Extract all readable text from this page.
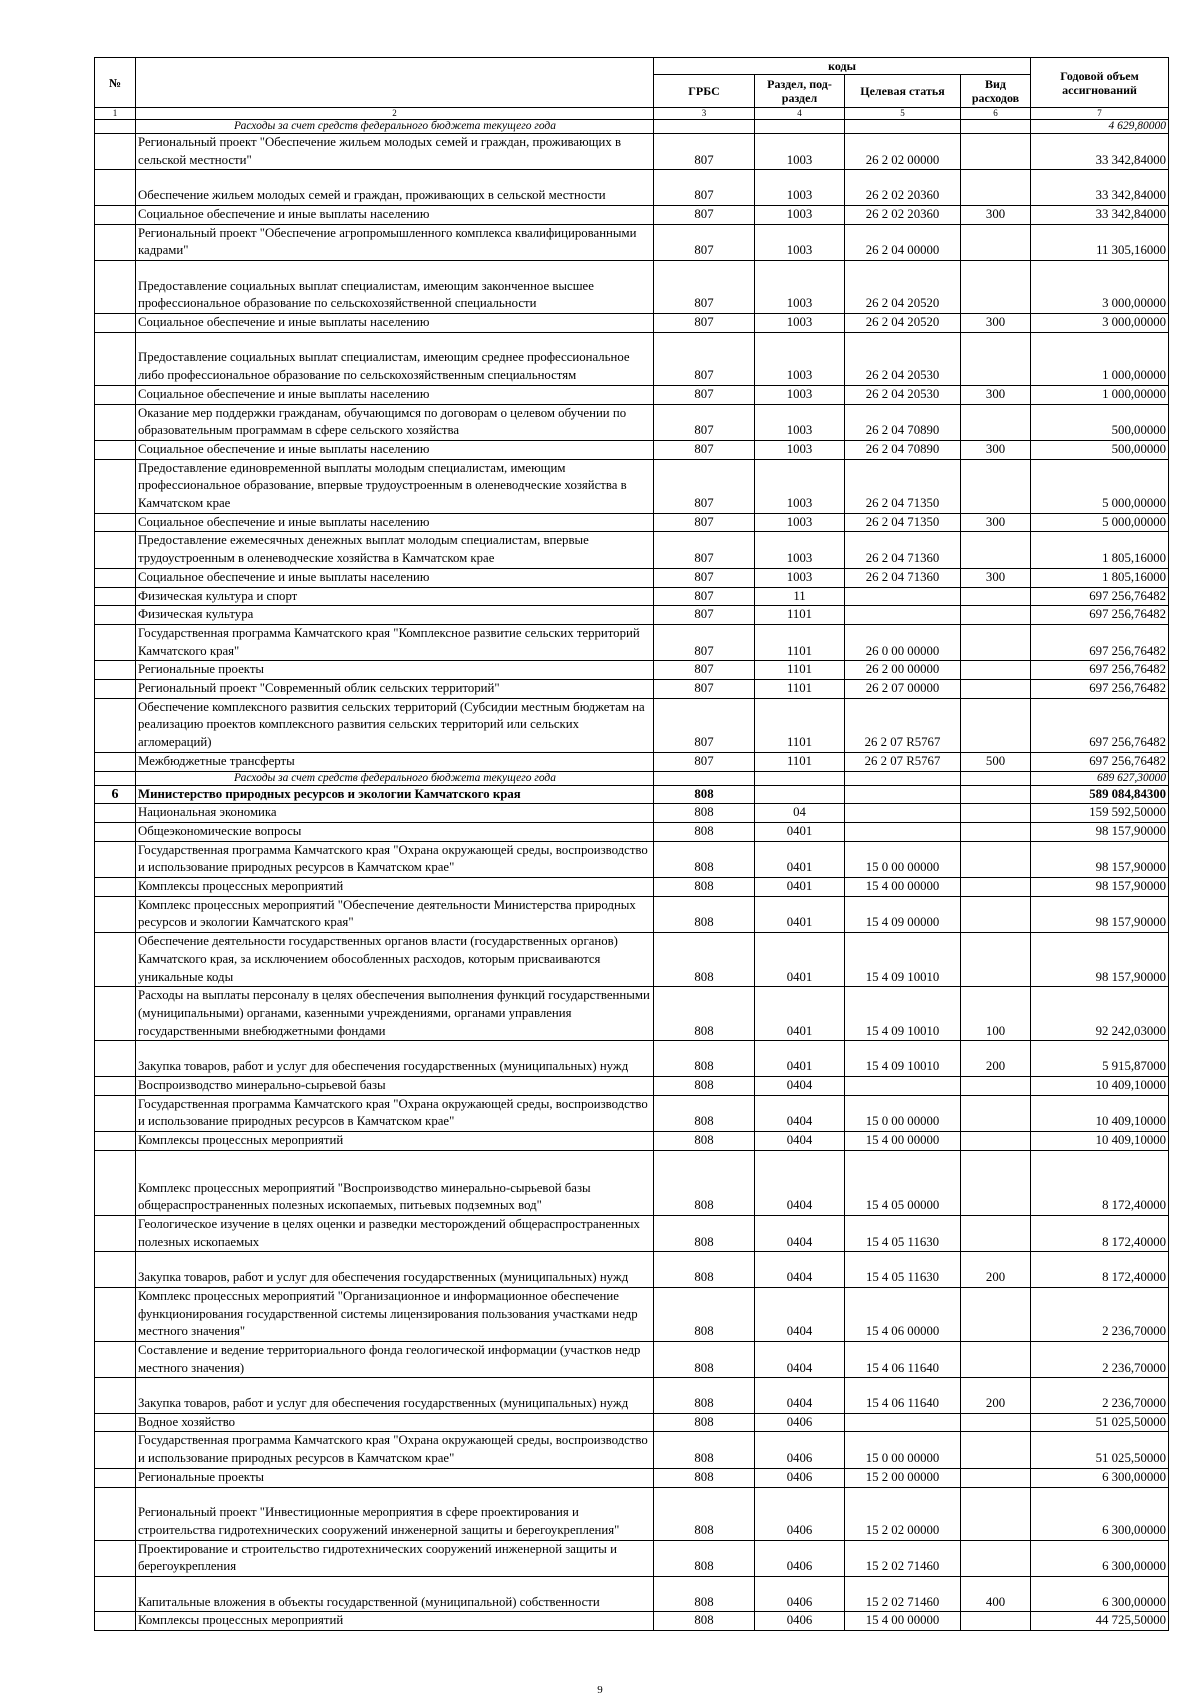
№		коды				Годовой объем ассигнований
		ГРБС	Раздел, под-раздел	Целевая статья	Вид расходов	
1	2	3	4	5	6	7
	Расходы за счет средств федерального бюджета текущего года					4 629,80000
	Региональный проект "Обеспечение жильем молодых семей и граждан, проживающих в сельской местности"	807	1003	26 2 02 00000		33 342,84000
	Обеспечение жильем молодых семей и граждан, проживающих в сельской местности	807	1003	26 2 02 20360		33 342,84000
	Социальное обеспечение и иные выплаты населению	807	1003	26 2 02 20360	300	33 342,84000
	Региональный проект "Обеспечение агропромышленного комплекса квалифицированными кадрами"	807	1003	26 2 04 00000		11 305,16000
	Предоставление социальных выплат специалистам, имеющим законченное высшее профессиональное образование по сельскохозяйственной специальности	807	1003	26 2 04 20520		3 000,00000
	Социальное обеспечение и иные выплаты населению	807	1003	26 2 04 20520	300	3 000,00000
	Предоставление социальных выплат специалистам, имеющим среднее профессиональное либо профессиональное образование по сельскохозяйственным специальностям	807	1003	26 2 04 20530		1 000,00000
	Социальное обеспечение и иные выплаты населению	807	1003	26 2 04 20530	300	1 000,00000
	Оказание мер поддержки гражданам, обучающимся по договорам о целевом обучении по образовательным программам в сфере сельского хозяйства	807	1003	26 2 04 70890		500,00000
	Социальное обеспечение и иные выплаты населению	807	1003	26 2 04 70890	300	500,00000
	Предоставление единовременной выплаты молодым специалистам, имеющим профессиональное образование, впервые трудоустроенным в оленеводческие хозяйства в Камчатском крае	807	1003	26 2 04 71350		5 000,00000
	Социальное обеспечение и иные выплаты населению	807	1003	26 2 04 71350	300	5 000,00000
	Предоставление ежемесячных денежных выплат молодым специалистам, впервые трудоустроенным в оленеводческие хозяйства в Камчатском крае	807	1003	26 2 04 71360		1 805,16000
	Социальное обеспечение и иные выплаты населению	807	1003	26 2 04 71360	300	1 805,16000
	Физическая культура и спорт	807	11			697 256,76482
	Физическая культура	807	1101			697 256,76482
	Государственная программа Камчатского края "Комплексное развитие сельских территорий Камчатского края"	807	1101	26 0 00 00000		697 256,76482
	Региональные проекты	807	1101	26 2 00 00000		697 256,76482
	Региональный проект "Современный облик сельских территорий"	807	1101	26 2 07 00000		697 256,76482
	Обеспечение комплексного развития сельских территорий (Субсидии местным бюджетам на реализацию проектов комплексного развития сельских территорий или сельских агломераций)	807	1101	26 2 07 R5767		697 256,76482
	Межбюджетные трансферты	807	1101	26 2 07 R5767	500	697 256,76482
	Расходы за счет средств федерального бюджета текущего года					689 627,30000
6	Министерство природных ресурсов и экологии Камчатского края	808				589 084,84300
	Национальная экономика	808	04			159 592,50000
	Общеэкономические вопросы	808	0401			98 157,90000
	Государственная программа Камчатского края "Охрана окружающей среды, воспроизводство и использование природных ресурсов в Камчатском крае"	808	0401	15 0 00 00000		98 157,90000
	Комплексы процессных мероприятий	808	0401	15 4 00 00000		98 157,90000
	Комплекс процессных мероприятий "Обеспечение деятельности Министерства природных ресурсов и экологии Камчатского края"	808	0401	15 4 09 00000		98 157,90000
	Обеспечение деятельности государственных органов власти (государственных органов) Камчатского края, за исключением обособленных расходов, которым присваиваются уникальные коды	808	0401	15 4 09 10010		98 157,90000
	Расходы на выплаты персоналу в целях обеспечения выполнения функций государственными (муниципальными) органами, казенными учреждениями, органами управления государственными внебюджетными фондами	808	0401	15 4 09 10010	100	92 242,03000
	Закупка товаров, работ и услуг для обеспечения государственных (муниципальных) нужд	808	0401	15 4 09 10010	200	5 915,87000
	Воспроизводство минерально-сырьевой базы	808	0404			10 409,10000
	Государственная программа Камчатского края "Охрана окружающей среды, воспроизводство и использование природных ресурсов в Камчатском крае"	808	0404	15 0 00 00000		10 409,10000
	Комплексы процессных мероприятий	808	0404	15 4 00 00000		10 409,10000
	Комплекс процессных мероприятий "Воспроизводство минерально-сырьевой базы общераспространенных полезных ископаемых, питьевых подземных вод"	808	0404	15 4 05 00000		8 172,40000
	Геологическое изучение в целях оценки и разведки месторождений общераспространенных полезных ископаемых	808	0404	15 4 05 11630		8 172,40000
	Закупка товаров, работ и услуг для обеспечения государственных (муниципальных) нужд	808	0404	15 4 05 11630	200	8 172,40000
	Комплекс процессных мероприятий "Организационное и информационное обеспечение функционирования государственной системы лицензирования пользования участками недр местного значения"	808	0404	15 4 06 00000		2 236,70000
	Составление и ведение территориального фонда геологической информации (участков недр местного значения)	808	0404	15 4 06 11640		2 236,70000
	Закупка товаров, работ и услуг для обеспечения государственных (муниципальных) нужд	808	0404	15 4 06 11640	200	2 236,70000
	Водное хозяйство	808	0406			51 025,50000
	Государственная программа Камчатского края "Охрана окружающей среды, воспроизводство и использование природных ресурсов в Камчатском крае"	808	0406	15 0 00 00000		51 025,50000
	Региональные проекты	808	0406	15 2 00 00000		6 300,00000
	Региональный проект "Инвестиционные мероприятия в сфере проектирования и строительства гидротехнических сооружений инженерной защиты и берегоукрепления"	808	0406	15 2 02 00000		6 300,00000
	Проектирование и строительство гидротехнических сооружений инженерной защиты и берегоукрепления	808	0406	15 2 02 71460		6 300,00000
	Капитальные вложения в объекты государственной (муниципальной) собственности	808	0406	15 2 02 71460	400	6 300,00000
	Комплексы процессных мероприятий	808	0406	15 4 00 00000		44 725,50000
9
